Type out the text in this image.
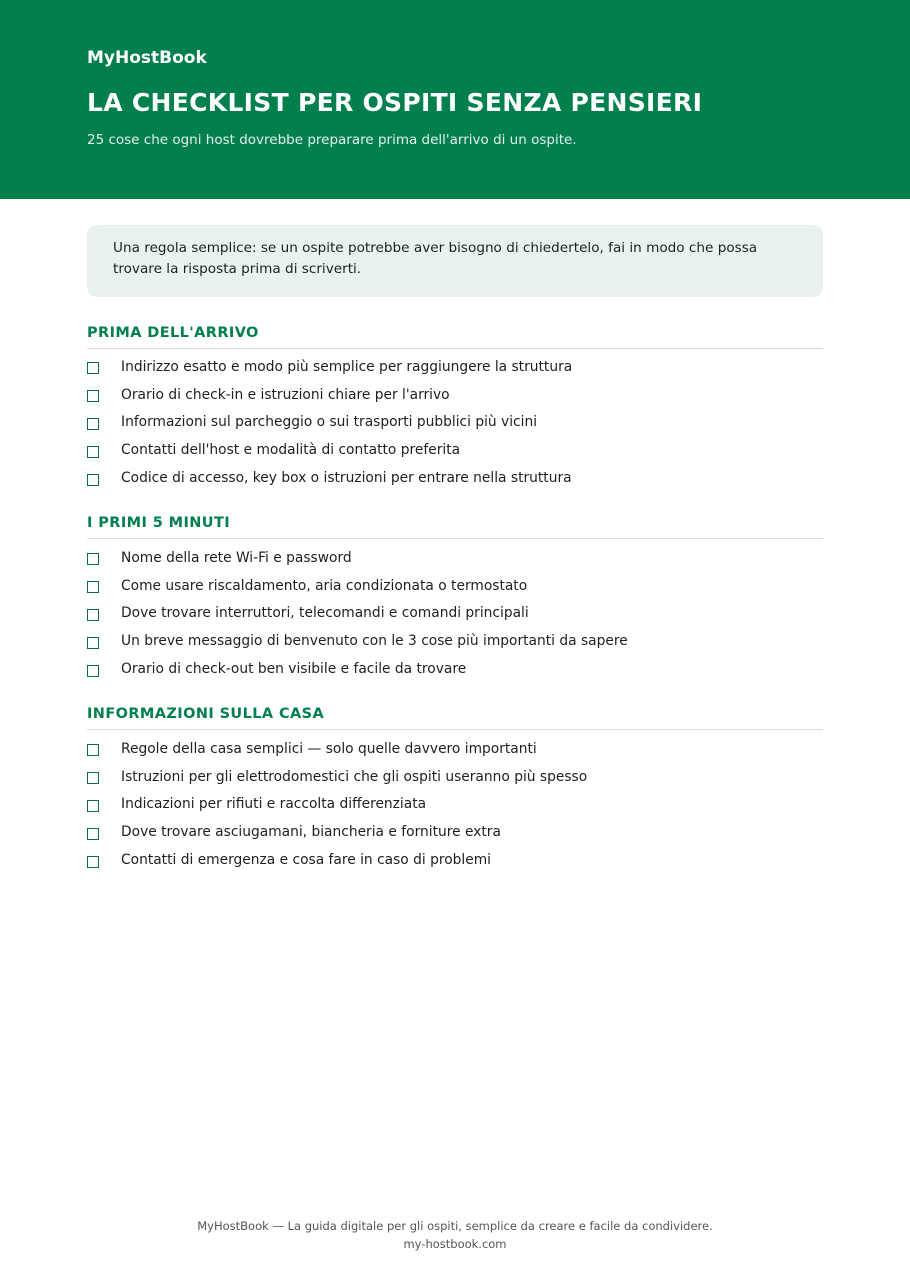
MyHostBook

LA CHECKLIST PER OSPITI SENZA PENSIERI

25 cose che ogni host dovrebbe preparare prima dell'arrivo di un ospite.

Una regola semplice: se un ospite potrebbe aver bisogno di chiedertelo, fai in modo che possa trovare la risposta prima di scriverti.
PRIMA DELL'ARRIVO
Indirizzo esatto e modo più semplice per raggiungere la struttura
Orario di check-in e istruzioni chiare per l'arrivo
Informazioni sul parcheggio o sui trasporti pubblici più vicini
Contatti dell'host e modalità di contatto preferita
Codice di accesso, key box o istruzioni per entrare nella struttura
I PRIMI 5 MINUTI
Nome della rete Wi-Fi e password
Come usare riscaldamento, aria condizionata o termostato
Dove trovare interruttori, telecomandi e comandi principali
Un breve messaggio di benvenuto con le 3 cose più importanti da sapere
Orario di check-out ben visibile e facile da trovare
INFORMAZIONI SULLA CASA
Regole della casa semplici — solo quelle davvero importanti
Istruzioni per gli elettrodomestici che gli ospiti useranno più spesso
Indicazioni per rifiuti e raccolta differenziata
Dove trovare asciugamani, biancheria e forniture extra
Contatti di emergenza e cosa fare in caso di problemi
MyHostBook — La guida digitale per gli ospiti, semplice da creare e facile da condividere.
my-hostbook.com
